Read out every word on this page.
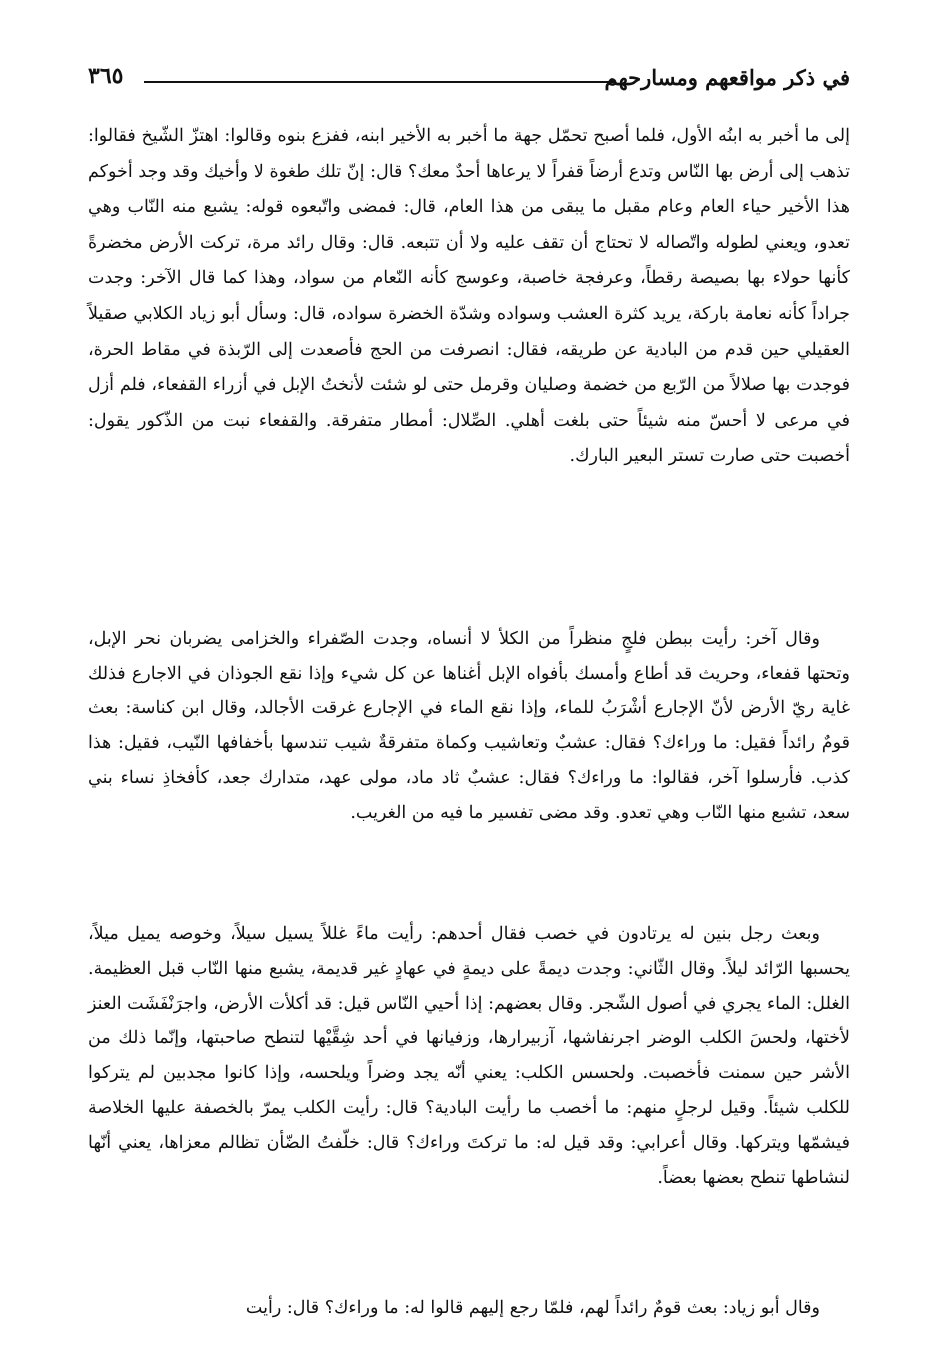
٣٦٥	في ذكر مواقعهم ومسارحهم

إلى ما أخبر به ابنُه الأول، فلما أصبح تحمّل جهة ما أخبر به الأخير ابنه، ففزع بنوه وقالوا: اهتزّ الشّيخ فقالوا: تذهب إلى أرض بها النّاس وتدع أرضاً قفراً لا يرعاها أحدٌ معك؟ قال: إنّ تلك طغوة لا وأخيك وقد وجد أخوكم هذا الأخير حياء العام وعام مقبل ما يبقى من هذا العام، قال: فمضى واتّبعوه قوله: يشبع منه النّاب وهي تعدو، ويعني لطوله واتّصاله لا تحتاج أن تقف عليه ولا أن تتبعه. قال: وقال رائد مرة، تركت الأرض مخضرةً كأنها حولاء بها بصيصة رقطاً، وعرفجة خاصبة، وعوسج كأنه النّعام من سواد، وهذا كما قال الآخر: وجدت جراداً كأنه نعامة باركة، يريد كثرة العشب وسواده وشدّة الخضرة سواده، قال: وسأل أبو زياد الكلابي صقيلاً العقيلي حين قدم من البادية عن طريقه، فقال: انصرفت من الحج فأصعدت إلى الرّبذة في مقاط الحرة، فوجدت بها صلالاً من الرّبع من خضمة وصليان وقرمل حتى لو شئت لأنختُ الإبل في أزراء القفعاء، فلم أزل في مرعى لا أحسّ منه شيئاً حتى بلغت أهلي. الصِّلال: أمطار متفرقة. والقفعاء نبت من الذّكور يقول: أخصبت حتى صارت تستر البعير البارك.

وقال آخر: رأيت ببطن فلجٍ منظراً من الكلأ لا أنساه، وجدت الصّفراء والخزامى يضربان نحر الإبل، وتحتها قفعاء، وحريث قد أطاع وأمسك بأفواه الإبل أغناها عن كل شيء وإذا نقع الجوذان في الاجارع فذلك غاية ريّ الأرض لأنّ الإجارع أشْرَبُ للماء، وإذا نقع الماء في الإجارع غرقت الأجالد، وقال ابن كناسة: بعث قومٌ رائداً فقيل: ما وراءك؟ فقال: عشبٌ وتعاشيب وكماة متفرقةٌ شيب تندسها بأخفافها النّيب، فقيل: هذا كذب. فأرسلوا آخر، فقالوا: ما وراءك؟ فقال: عشبٌ ثاد ماد، مولى عهد، متدارك جعد، كأفخاذِ نساء بني سعد، تشبع منها النّاب وهي تعدو. وقد مضى تفسير ما فيه من الغريب.

وبعث رجل بنين له يرتادون في خصب فقال أحدهم: رأيت ماءً غللاً يسيل سيلاً، وخوصه يميل ميلاً، يحسبها الرّائد ليلاً. وقال الثّاني: وجدت ديمةً على ديمةٍ في عهادٍ غير قديمة، يشبع منها النّاب قبل العظيمة. الغلل: الماء يجري في أصول الشّجر. وقال بعضهم: إذا أحيي النّاس قيل: قد أكلأت الأرض، واجرَنْفَشَت العنز لأختها، ولحسَ الكلب الوضر اجرنفاشها، آزبيرارها، وزفيانها في أحد شِقَّيْها لتنطح صاحبتها، وإنّما ذلك من الأشر حين سمنت فأخصبت. ولحسس الكلب: يعني أنّه يجد وضراً ويلحسه، وإذا كانوا مجدبين لم يتركوا للكلب شيئاً. وقيل لرجلٍ منهم: ما أخصب ما رأيت البادية؟ قال: رأيت الكلب يمرّ بالخصفة عليها الخلاصة فيشمّها ويتركها. وقال أعرابي: وقد قيل له: ما تركتَ وراءك؟ قال: خلّفتُ الضّأن تظالم معزاها، يعني أنّها لنشاطها تنطح بعضها بعضاً.

وقال أبو زياد: بعث قومٌ رائداً لهم، فلمّا رجع إليهم قالوا له: ما وراءك؟ قال: رأيت
